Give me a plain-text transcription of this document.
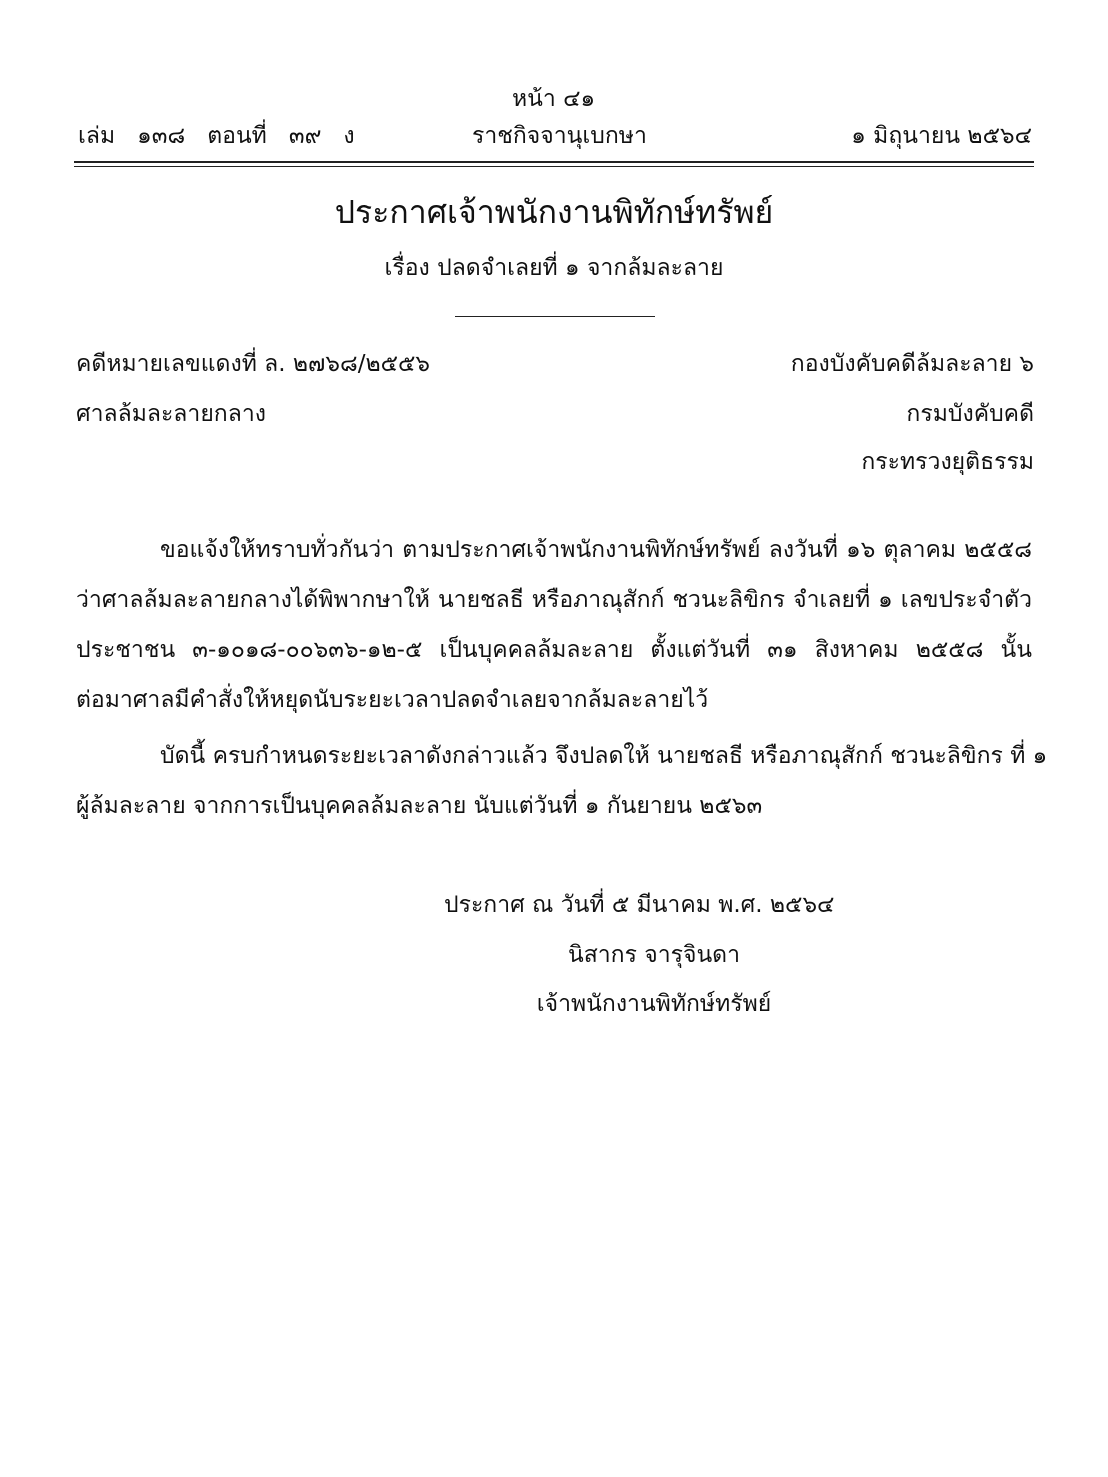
หน้า ๔๑
เล่ม ๑๓๘ ตอนที่ ๓๙ ง	ราชกิจจานุเบกษา	๑ มิถุนายน ๒๕๖๔
ประกาศเจ้าพนักงานพิทักษ์ทรัพย์
เรื่อง ปลดจำเลยที่ ๑ จากล้มละลาย
คดีหมายเลขแดงที่ ล. ๒๗๖๘/๒๕๕๖
ศาลล้มละลายกลาง
กองบังคับคดีล้มละลาย ๖
กรมบังคับคดี
กระทรวงยุติธรรม
ขอแจ้งให้ทราบทั่วกันว่า ตามประกาศเจ้าพนักงานพิทักษ์ทรัพย์ ลงวันที่ ๑๖ ตุลาคม ๒๕๕๘
ว่าศาลล้มละลายกลางได้พิพากษาให้ นายชลธี หรือภาณุสักก์ ชวนะลิขิกร จำเลยที่ ๑ เลขประจำตัว
ประชาชน ๓-๑๐๑๘-๐๐๖๓๖-๑๒-๕ เป็นบุคคลล้มละลาย ตั้งแต่วันที่ ๓๑ สิงหาคม ๒๕๕๘ นั้น
ต่อมาศาลมีคำสั่งให้หยุดนับระยะเวลาปลดจำเลยจากล้มละลายไว้
บัดนี้ ครบกำหนดระยะเวลาดังกล่าวแล้ว จึงปลดให้ นายชลธี หรือภาณุสักก์ ชวนะลิขิกร ที่ ๑
ผู้ล้มละลาย จากการเป็นบุคคลล้มละลาย นับแต่วันที่ ๑ กันยายน ๒๕๖๓
ประกาศ ณ วันที่ ๕ มีนาคม พ.ศ. ๒๕๖๔
นิสากร จารุจินดา
เจ้าพนักงานพิทักษ์ทรัพย์
